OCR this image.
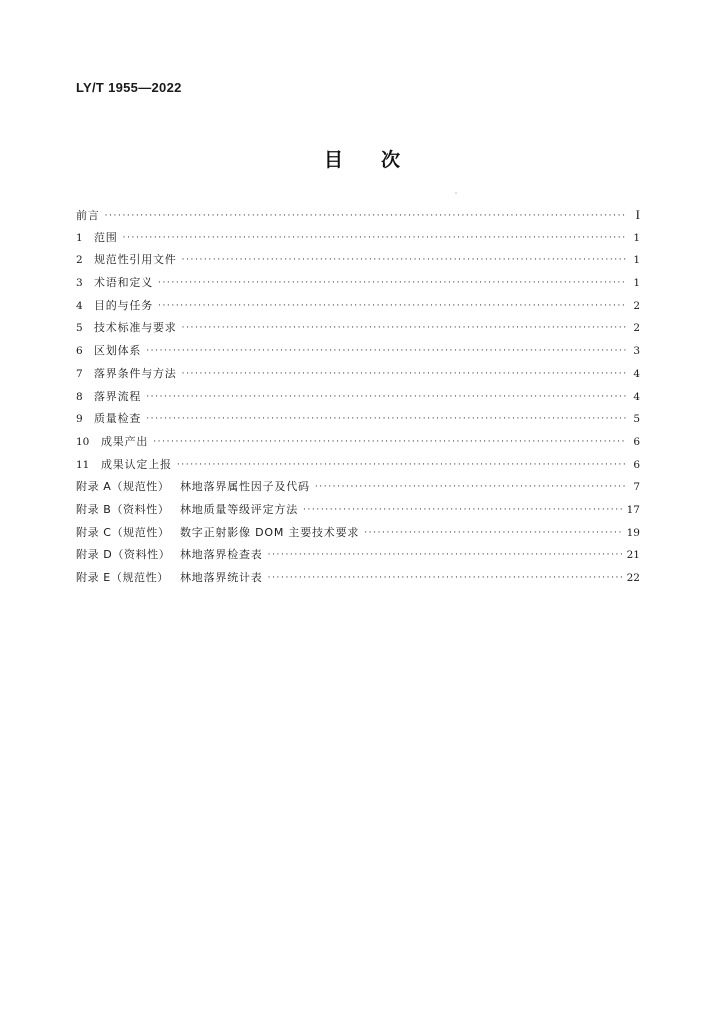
LY/T 1955—2022
目次
前言 ·····	I
1	范围 ·····	1
2	规范性引用文件 ·····	1
3	术语和定义 ·····	1
4	目的与任务 ·····	2
5	技术标准与要求 ·····	2
6	区划体系 ·····	3
7	落界条件与方法 ·····	4
8	落界流程 ·····	4
9	质量检查 ·····	5
10	成果产出 ·····	6
11	成果认定上报 ·····	6
附录 A（规范性） 林地落界属性因子及代码 ·····	7
附录 B（资料性） 林地质量等级评定方法 ·····	17
附录 C（规范性） 数字正射影像 DOM 主要技术要求 ·····	19
附录 D（资料性） 林地落界检查表 ·····	21
附录 E（规范性）	林地落界统计表 ·····	22
